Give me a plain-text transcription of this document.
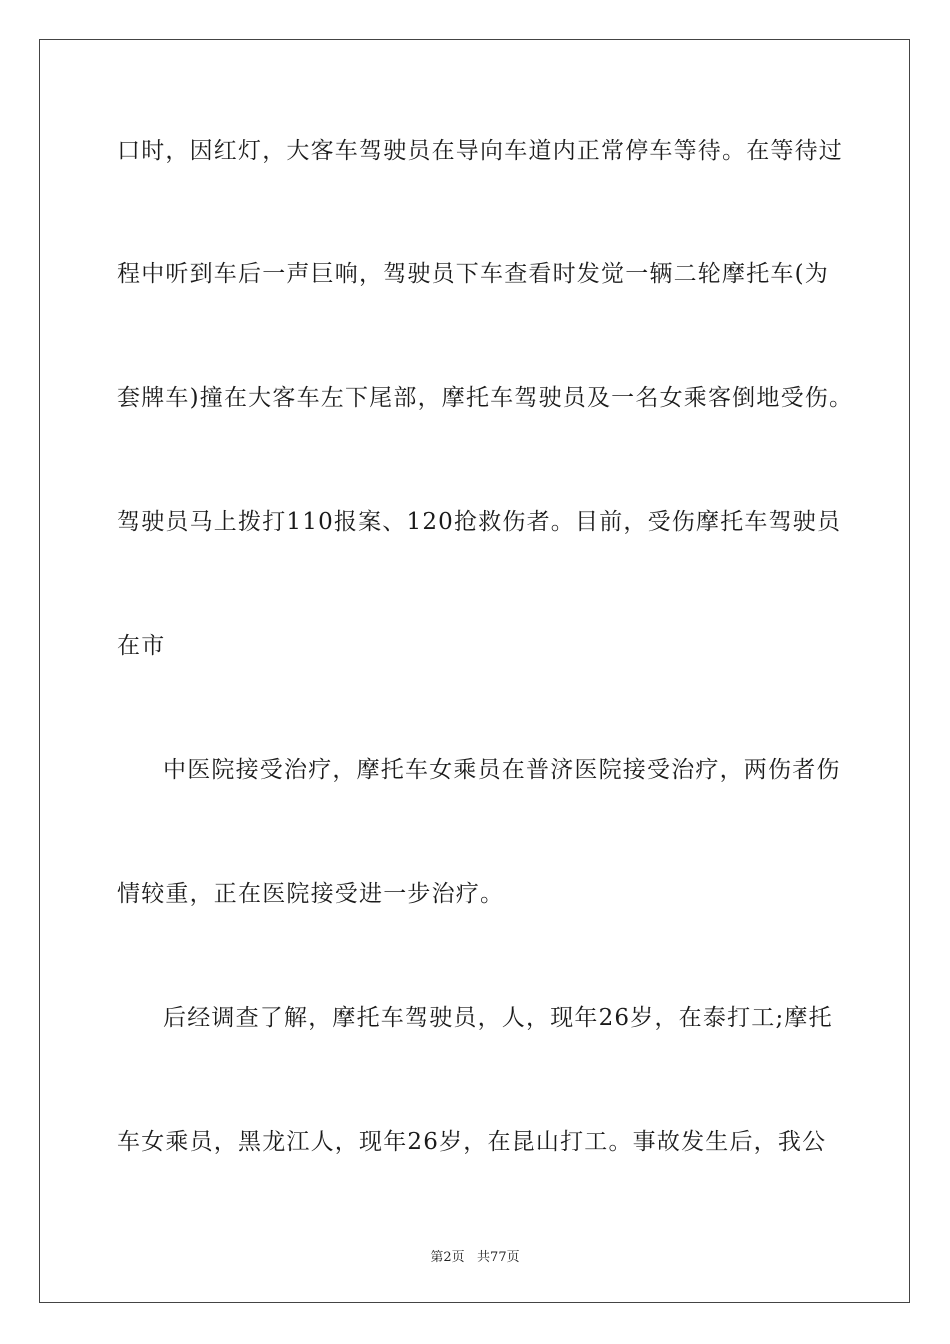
口时，因红灯，大客车驾驶员在导向车道内正常停车等待。在等待过
程中听到车后一声巨响，驾驶员下车查看时发觉一辆二轮摩托车(为
套牌车)撞在大客车左下尾部，摩托车驾驶员及一名女乘客倒地受伤。
驾驶员马上拨打110报案、120抢救伤者。目前，受伤摩托车驾驶员
在市
中医院接受治疗，摩托车女乘员在普济医院接受治疗，两伤者伤
情较重，正在医院接受进一步治疗。
后经调查了解，摩托车驾驶员，人，现年26岁，在泰打工;摩托
车女乘员，黑龙江人，现年26岁，在昆山打工。事故发生后，我公
第2页   共77页
